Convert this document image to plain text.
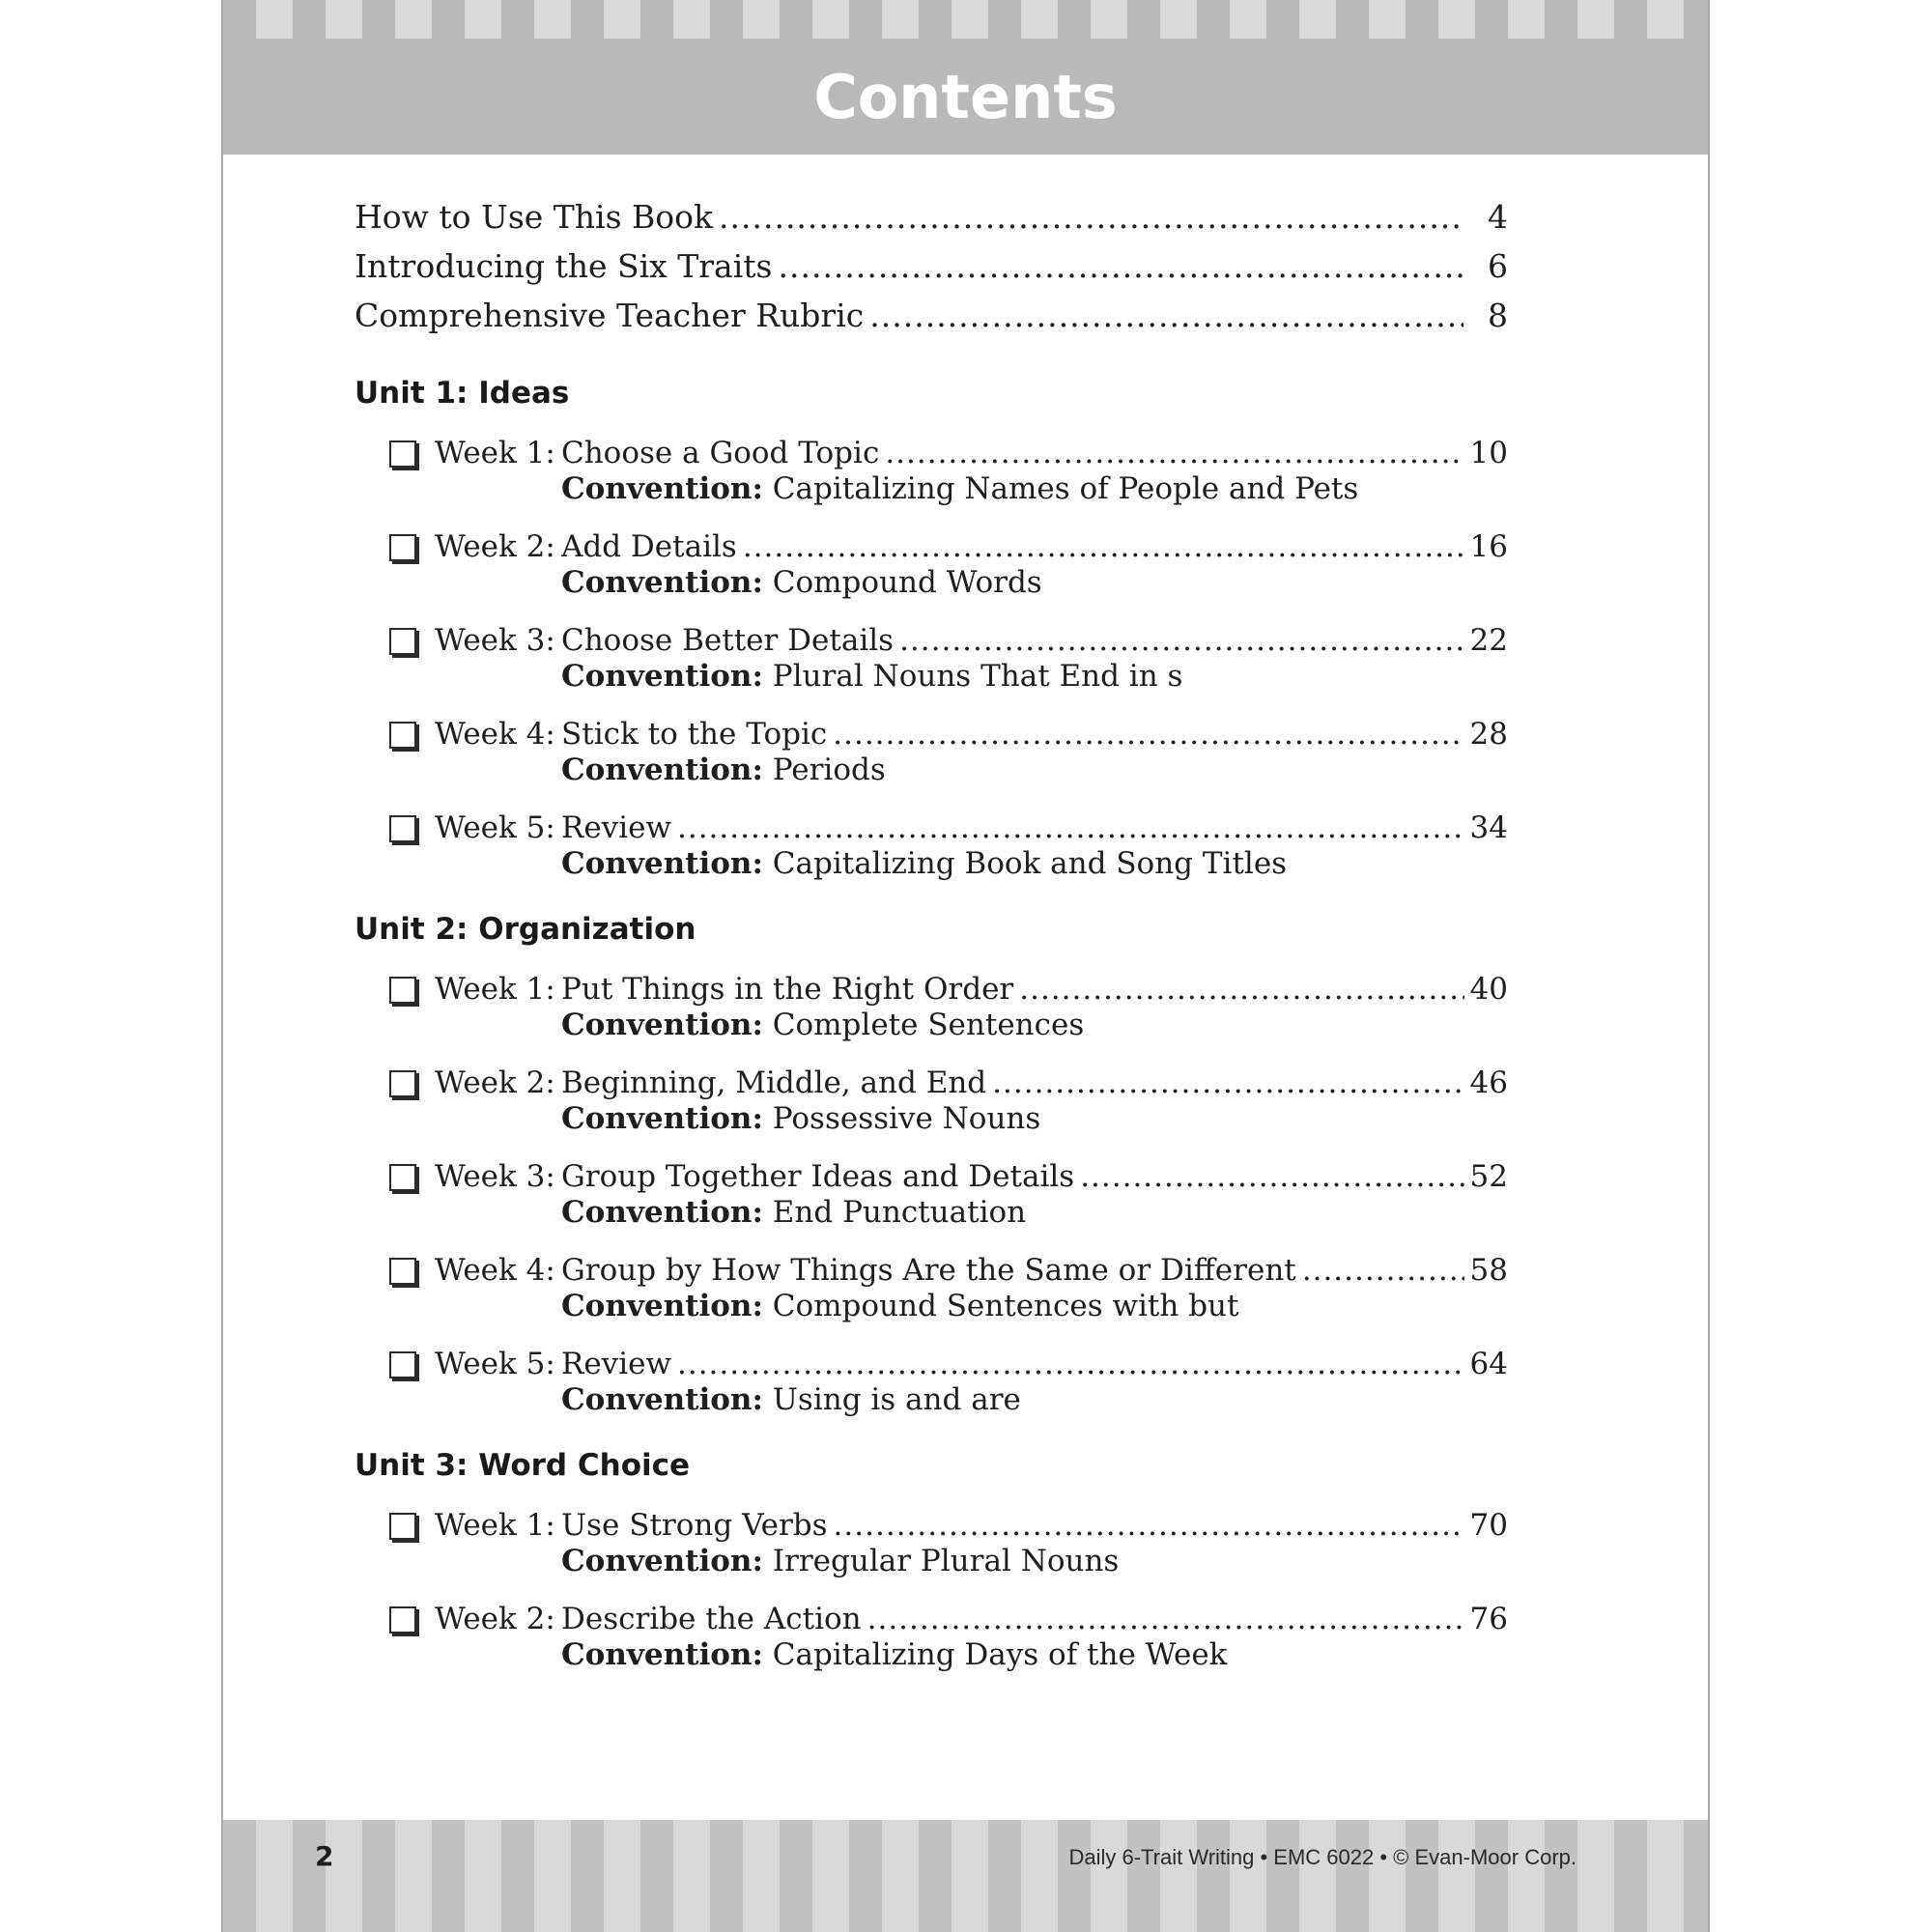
Contents
How to Use This Book .....	4
Introducing the Six Traits .....	6
Comprehensive Teacher Rubric .....	8
Unit 1: Ideas
Week 1: Choose a Good Topic .....	10
Convention: Capitalizing Names of People and Pets
Week 2: Add Details .....	16
Convention: Compound Words
Week 3: Choose Better Details .....	22
Convention: Plural Nouns That End in s
Week 4: Stick to the Topic .....	28
Convention: Periods
Week 5: Review .....	34
Convention: Capitalizing Book and Song Titles
Unit 2: Organization
Week 1: Put Things in the Right Order .....	40
Convention: Complete Sentences
Week 2: Beginning, Middle, and End .....	46
Convention: Possessive Nouns
Week 3: Group Together Ideas and Details .....	52
Convention: End Punctuation
Week 4: Group by How Things Are the Same or Different .....	58
Convention: Compound Sentences with but
Week 5: Review .....	64
Convention: Using is and are
Unit 3: Word Choice
Week 1: Use Strong Verbs .....	70
Convention: Irregular Plural Nouns
Week 2: Describe the Action .....	76
Convention: Capitalizing Days of the Week
2	Daily 6-Trait Writing • EMC 6022 • © Evan-Moor Corp.
